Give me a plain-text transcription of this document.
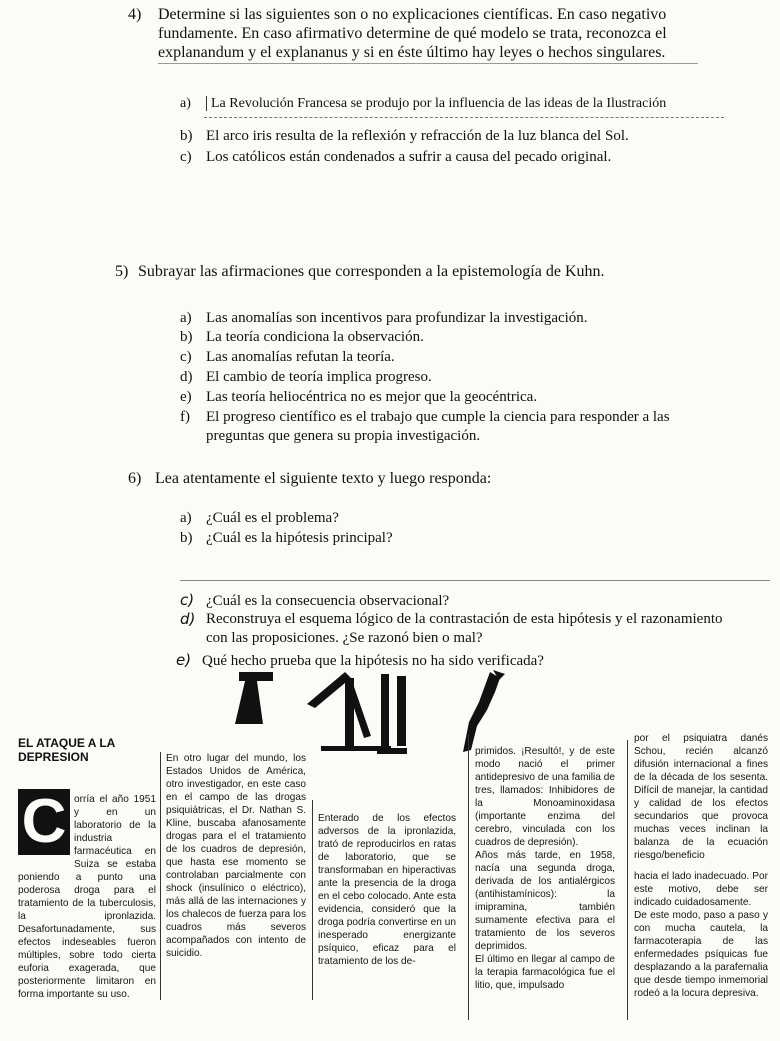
4) Determine si las siguientes son o no explicaciones científicas. En caso negativo fundamente. En caso afirmativo determine de qué modelo se trata, reconozca el explanandum y el explananus y si en éste último hay leyes o hechos singulares.
a) La Revolución Francesa se produjo por la influencia de las ideas de la Ilustración
b) El arco iris resulta de la reflexión y refracción de la luz blanca del Sol.
c) Los católicos están condenados a sufrir a causa del pecado original.
5) Subrayar las afirmaciones que corresponden a la epistemología de Kuhn.
a) Las anomalías son incentivos para profundizar la investigación.
b) La teoría condiciona la observación.
c) Las anomalías refutan la teoría.
d) El cambio de teoría implica progreso.
e) Las teoría heliocéntrica no es mejor que la geocéntrica.
f) El progreso científico es el trabajo que cumple la ciencia para responder a las preguntas que genera su propia investigación.
6) Lea atentamente el siguiente texto y luego responda:
a) ¿Cuál es el problema?
b) ¿Cuál es la hipótesis principal?
c) ¿Cuál es la consecuencia observacional?
d) Reconstruya el esquema lógico de la contrastación de esta hipótesis y el razonamiento con las proposiciones. ¿Se razonó bien o mal?
e) Qué hecho prueba que la hipótesis no ha sido verificada?
EL ATAQUE A LA DEPRESION
C orría el año 1951 y en un laboratorio de la industria farmacéutica en Suiza se estaba poniendo a punto una poderosa droga para el tratamiento de la tuberculosis, la ipronlazida. Desafortunadamente, sus efectos indeseables fueron múltiples, sobre todo cierta euforia exagerada, que posteriormente limitaron en forma importante su uso.
En otro lugar del mundo, los Estados Unidos de América, otro investigador, en este caso en el campo de las drogas psiquiátricas, el Dr. Nathan S. Kline, buscaba afanosamente drogas para el el tratamiento de los cuadros de depresión, que hasta ese momento se controlaban parcialmente con shock (insulínico o eléctrico), más allá de las internaciones y los chalecos de fuerza para los cuadros más severos acompañados con intento de suicidio.
Enterado de los efectos adversos de la ipronlazida, trató de reproducirlos en ratas de laboratorio, que se transformaban en hiperactivas ante la presencia de la droga en el cebo colocado. Ante esta evidencia, consideró que la droga podría convertirse en un inesperado energizante psíquico, eficaz para el tratamiento de los de-
primidos. ¡Resultó!, y de este modo nació el primer antidepresivo de una familia de tres, llamados: Inhibidores de la Monoaminoxidasa (importante enzima del cerebro, vinculada con los cuadros de depresión).
Años más tarde, en 1958, nacía una segunda droga, derivada de los antialérgicos (antihistamínicos): la imipramina, también sumamente efectiva para el tratamiento de los severos deprimidos.
El último en llegar al campo de la terapia farmacológica fue el litio, que, impulsado
por el psiquiatra danés Schou, recién alcanzó difusión internacional a fines de la década de los sesenta. Difícil de manejar, la cantidad y calidad de los efectos secundarios que provoca muchas veces inclinan la balanza de la ecuación riesgo/beneficio
hacia el lado inadecuado. Por este motivo, debe ser indicado cuidadosamente.
De este modo, paso a paso y con mucha cautela, la farmacoterapia de las enfermedades psíquicas fue desplazando a la parafernalia que desde tiempo inmemorial rodeó a la locura depresiva.
